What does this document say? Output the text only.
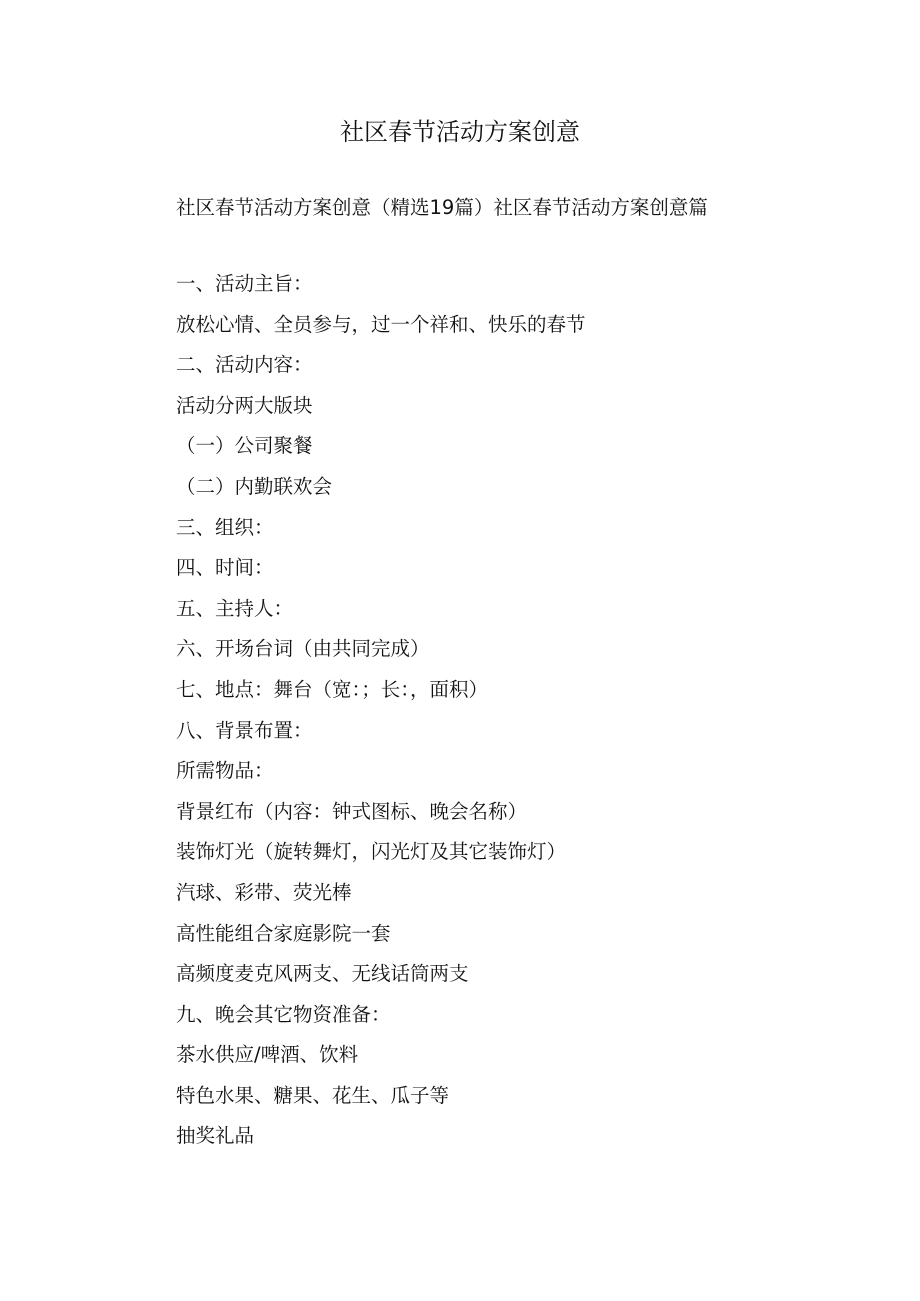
社区春节活动方案创意

社区春节活动方案创意（精选19篇）社区春节活动方案创意篇

一、活动主旨：
放松心情、全员参与，过一个祥和、快乐的春节
二、活动内容：
活动分两大版块
（一）公司聚餐
（二）内勤联欢会
三、组织：
四、时间：
五、主持人：
六、开场台词（由共同完成）
七、地点：舞台（宽：；长：，面积）
八、背景布置：
所需物品：
背景红布（内容：钟式图标、晚会名称）
装饰灯光（旋转舞灯，闪光灯及其它装饰灯）
汽球、彩带、荧光棒
高性能组合家庭影院一套
高频度麦克风两支、无线话筒两支
九、晚会其它物资准备：
茶水供应/啤酒、饮料
特色水果、糖果、花生、瓜子等
抽奖礼品
